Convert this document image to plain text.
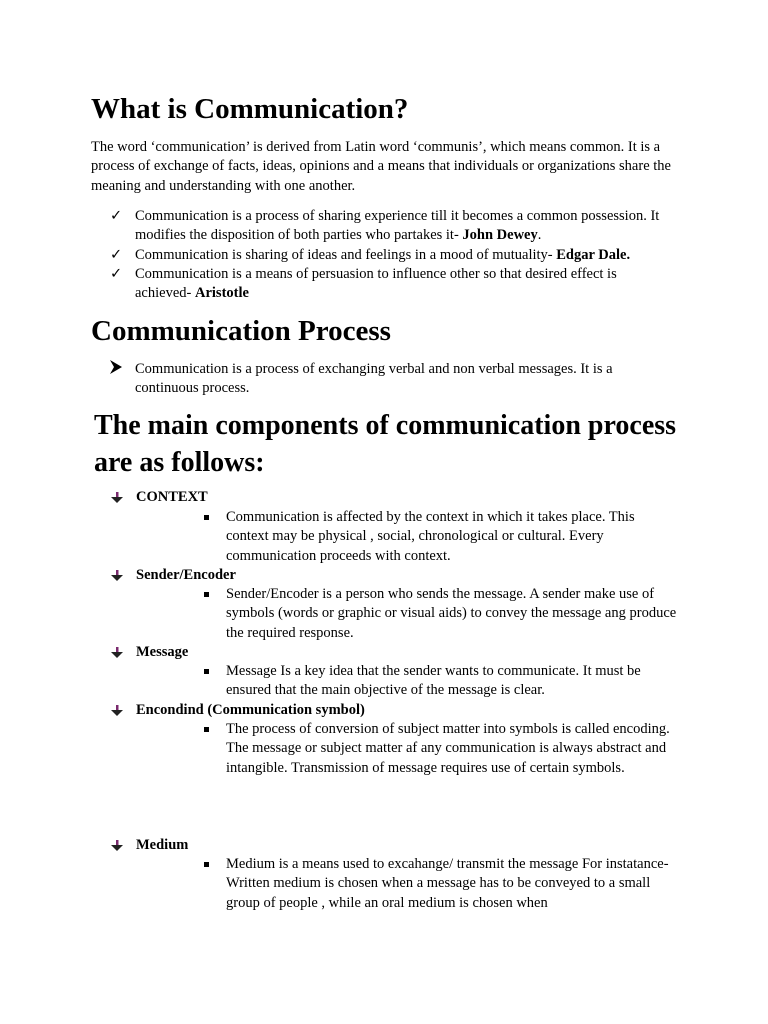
What is Communication?

The word ‘communication’ is derived from Latin word ‘communis’, which means common. It is a process of exchange of facts, ideas, opinions and a means that individuals or organizations share the meaning and understanding with one another.

✓ Communication is a process of sharing experience till it becomes a common possession. It modifies the disposition of both parties who partakes it- John Dewey.
✓ Communication is sharing of ideas and feelings in a mood of mutuality- Edgar Dale.
✓ Communication is a means of persuasion to influence other so that desired effect is achieved- Aristotle
Communication Process
Communication is a process of exchanging verbal and non verbal messages. It is a continuous process.
The main components of communication process are as follows:
CONTEXT
Communication is affected by the context in which it takes place. This context may be physical , social, chronological or cultural. Every communication proceeds with context.
Sender/Encoder
Sender/Encoder is a person who sends the message. A sender make use of symbols (words or graphic or visual aids) to convey the message ang produce the required response.
Message
Message Is a key idea that the sender wants to communicate. It must be ensured that the main objective of the message is clear.
Encondind (Communication symbol)
The process of conversion of subject matter into symbols is called encoding. The message or subject matter af any communication is always abstract and intangible. Transmission of message requires use of certain symbols.
Medium
Medium is a means used to excahange/ transmit the message For instatance- Written medium is chosen when a message has to be conveyed to a small group of people , while an oral medium is chosen when
